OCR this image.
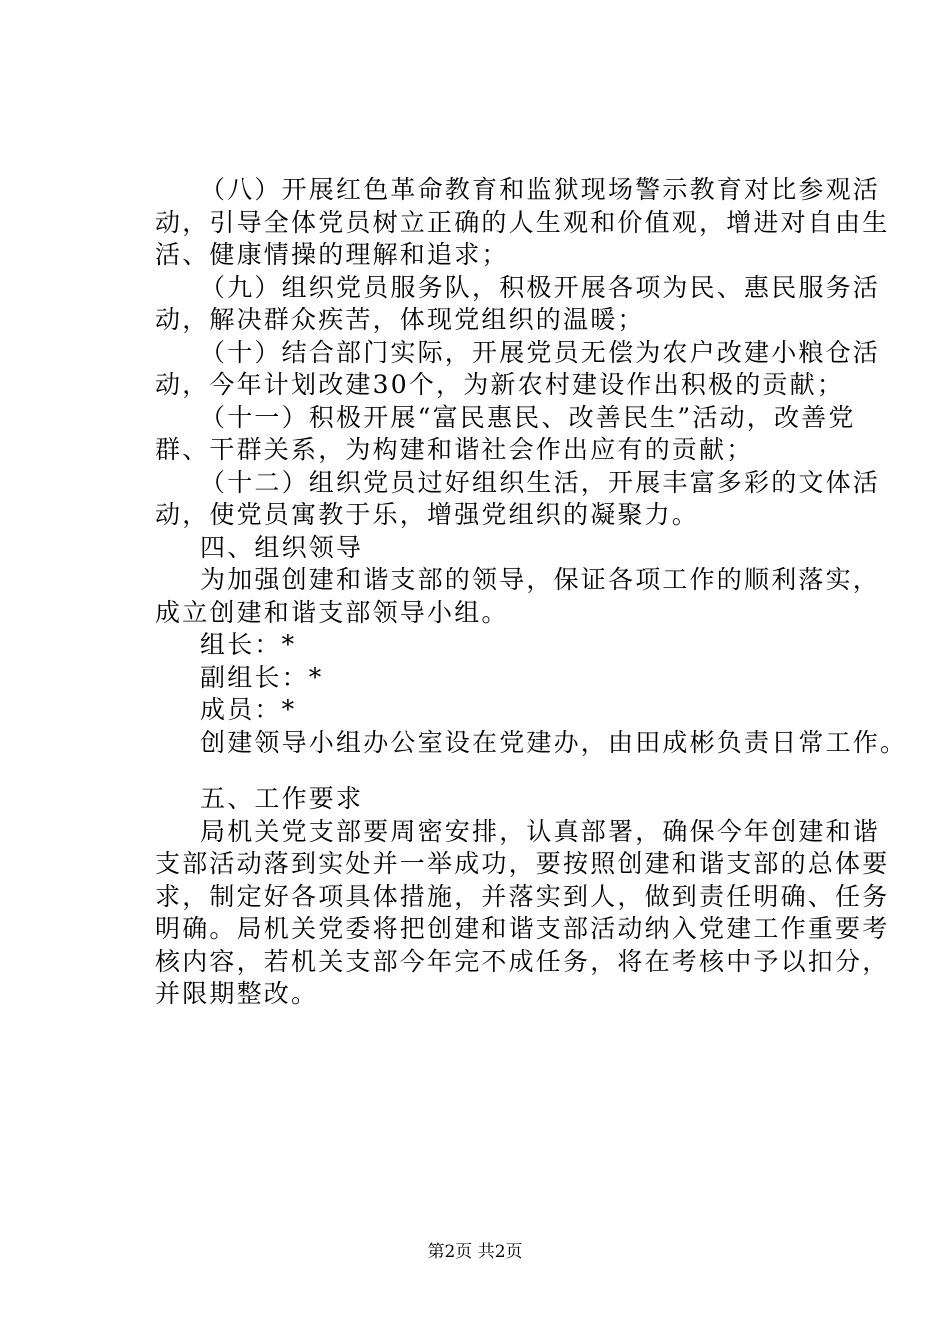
（八）开展红色革命教育和监狱现场警示教育对比参观活
动，引导全体党员树立正确的人生观和价值观，增进对自由生
活、健康情操的理解和追求；
（九）组织党员服务队，积极开展各项为民、惠民服务活
动，解决群众疾苦，体现党组织的温暖；
（十）结合部门实际，开展党员无偿为农户改建小粮仓活
动，今年计划改建30个，为新农村建设作出积极的贡献；
（十一）积极开展“富民惠民、改善民生”活动，改善党
群、干群关系，为构建和谐社会作出应有的贡献；
（十二）组织党员过好组织生活，开展丰富多彩的文体活
动，使党员寓教于乐，增强党组织的凝聚力。
四、组织领导
为加强创建和谐支部的领导，保证各项工作的顺利落实，
成立创建和谐支部领导小组。
组长：*
副组长：*
成员：*
创建领导小组办公室设在党建办，由田成彬负责日常工作。
五、工作要求
局机关党支部要周密安排，认真部署，确保今年创建和谐
支部活动落到实处并一举成功，要按照创建和谐支部的总体要
求，制定好各项具体措施，并落实到人，做到责任明确、任务
明确。局机关党委将把创建和谐支部活动纳入党建工作重要考
核内容，若机关支部今年完不成任务，将在考核中予以扣分，
并限期整改。
第2页 共2页
